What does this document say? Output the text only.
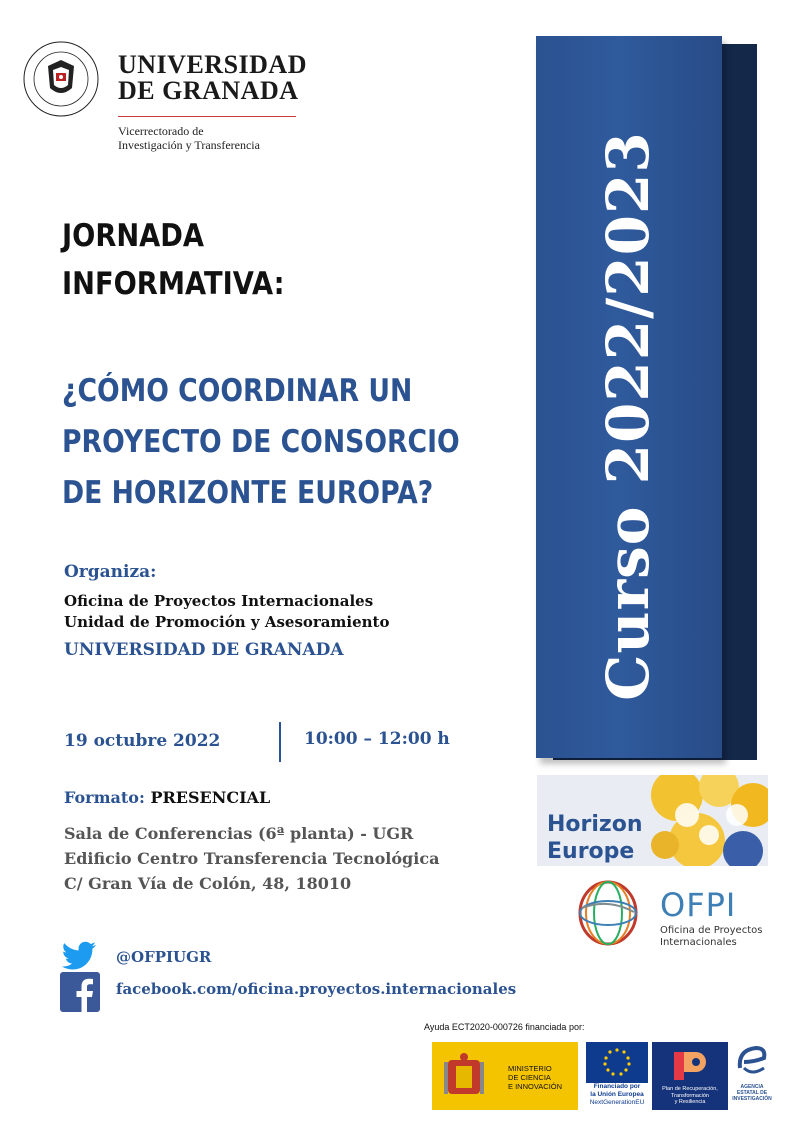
UNIVERSIDAD
DE GRANADA
Vicerrectorado de
Investigación y Transferencia
JORNADA
INFORMATIVA:
¿CÓMO COORDINAR UN
PROYECTO DE CONSORCIO
DE HORIZONTE EUROPA?
Organiza:
Oficina de Proyectos Internacionales
Unidad de Promoción y Asesoramiento
UNIVERSIDAD DE GRANADA
19 octubre 2022	10:00 – 12:00 h
Formato: PRESENCIAL
Sala de Conferencias (6ª planta) - UGR
Edificio Centro Transferencia Tecnológica
C/ Gran Vía de Colón, 48, 18010
@OFPIUGR
facebook.com/oficina.proyectos.internacionales
Curso 2022/2023
Horizon
Europe
OFPI
Oficina de Proyectos
Internacionales
Ayuda ECT2020-000726 financiada por:
MINISTERIO
DE CIENCIA
E INNOVACIÓN	Financiado por
la Unión Europea
NextGenerationEU
Plan de Recuperación,
Transformación
y Resiliencia
AGENCIA
ESTATAL DE
INVESTIGACIÓN
